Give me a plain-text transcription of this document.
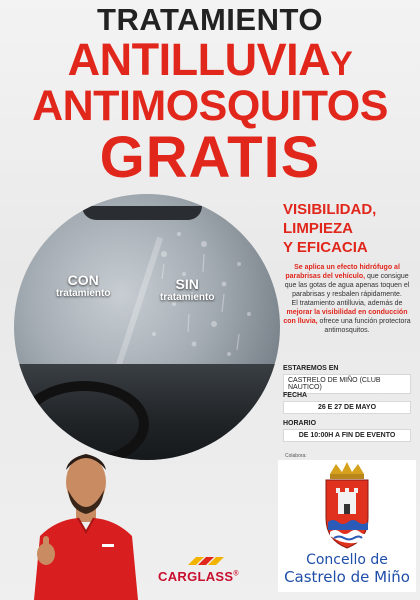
TRATAMIENTO
ANTILLUVIAY
ANTIMOSQUITOS
GRATIS
CON
tratamiento
SIN
tratamiento

VISIBILIDAD,
LIMPIEZA
Y EFICACIA

Se aplica un efecto hidrófugo al parabrisas del vehículo, que consigue que las gotas de agua apenas toquen el parabrisas y resbalen rápidamente.
El tratamiento antilluvia, además de mejorar la visibilidad en conducción con lluvia, ofrece una función protectora antimosquitos.
ESTAREMOS EN
CASTRELO DE MIÑO (CLUB NAUTICO)
FECHA
26 E 27 DE MAYO
HORARIO
DE 10:00H A FIN DE EVENTO
Colabora:

Concello de

Castrelo de Miño

CARGLASS®
